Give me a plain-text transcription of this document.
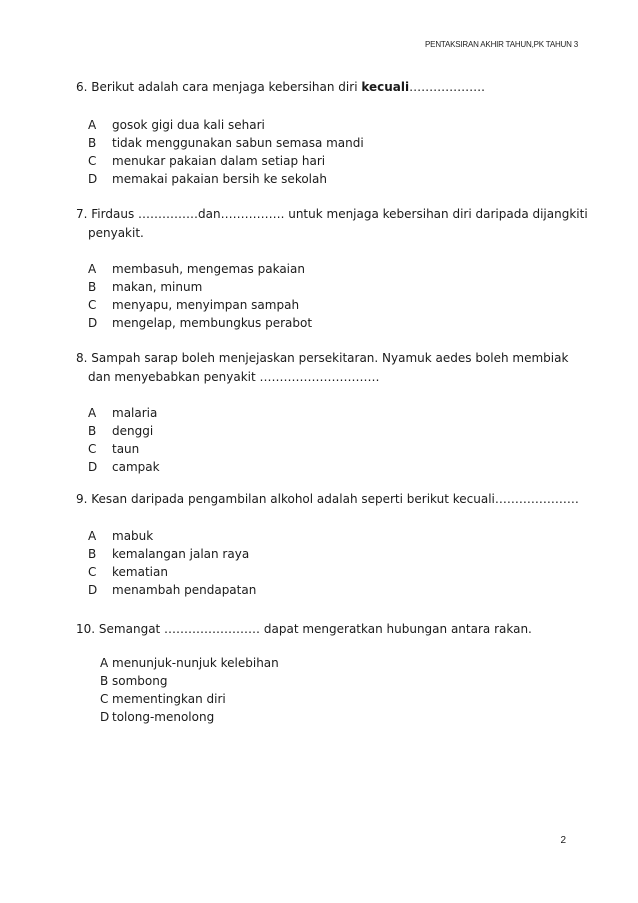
PENTAKSIRAN AKHIR TAHUN,PK TAHUN 3

6. Berikut adalah cara menjaga kebersihan diri kecuali……………….

A gosok gigi dua kali sehari
B tidak menggunakan sabun semasa mandi
C menukar pakaian dalam setiap hari
D memakai pakaian bersih ke sekolah

7. Firdaus ……………dan……………. untuk menjaga kebersihan diri daripada dijangkiti
penyakit.

A membasuh, mengemas pakaian
B makan, minum
C menyapu, menyimpan sampah
D mengelap, membungkus perabot

8. Sampah sarap boleh menjejaskan persekitaran. Nyamuk aedes boleh membiak
dan menyebabkan penyakit …………………………

A malaria
B denggi
C taun
D campak

9. Kesan daripada pengambilan alkohol adalah seperti berikut kecuali…………………

A mabuk
B kemalangan jalan raya
C kematian
D menambah pendapatan

10. Semangat …………………… dapat mengeratkan hubungan antara rakan.

A menunjuk-nunjuk kelebihan
B sombong
C mementingkan diri
D tolong-menolong
2
